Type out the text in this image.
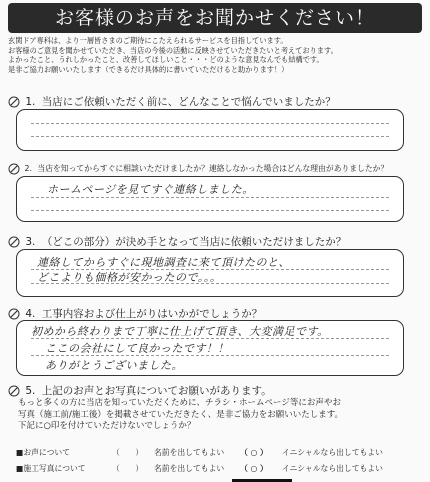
お客様のお声をお聞かせください！
玄関ドア専科は、より一層皆さまのご期待にこたえられるサービスを目指しています。
お客様のご意見を聞かせていただき、当店の今後の活動に反映させていただきたいと考えております。
よかったこと、うれしかったこと、改善してほしいこと・・・どのような意見なんでも結構です。
是非ご協力お願いいたします（できるだけ具体的に書いていただけると助かります！）
1. 当店にご依頼いただく前に、どんなことで悩んでいましたか？
2. 当店を知ってからすぐに相談いただけましたか？連絡しなかった場合はどんな理由がありましたか？
ホームページを見てすぐ連絡しました。
3. （どこの部分）が決め手となって当店に依頼いただけましたか？
連絡してからすぐに現地調査に来て頂けたのと、
どこよりも価格が安かったので。。。
4. 工事内容および仕上がりはいかがでしょうか？
初めから終わりまで丁寧に仕上げて頂き、大変満足です。
ここの会社にして良かったです！！
ありがとうございました。
5. 上記のお声とお写真についてお願いがあります。
もっと多くの方に当店を知っていただくために、チラシ・ホームページ等にお声やお
写真（施工前/施工後）を掲載させていただきたく、是非ご協力をお願いいたします。
下記に○印を付けていただけないでしょうか？
■お声について	（　　） 名前を出してもよい （ ○ ） イニシャルなら出してもよい
■施工写真について	（　　） 名前を出してもよい （ ○ ） イニシャルなら出してもよい
